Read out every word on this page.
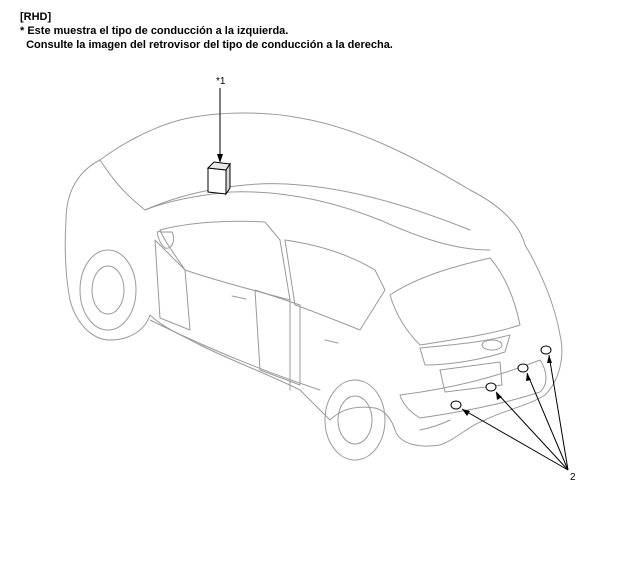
[RHD]
* Este muestra el tipo de conducción a la izquierda.
Consulte la imagen del retrovisor del tipo de conducción a la derecha.
*1
2
